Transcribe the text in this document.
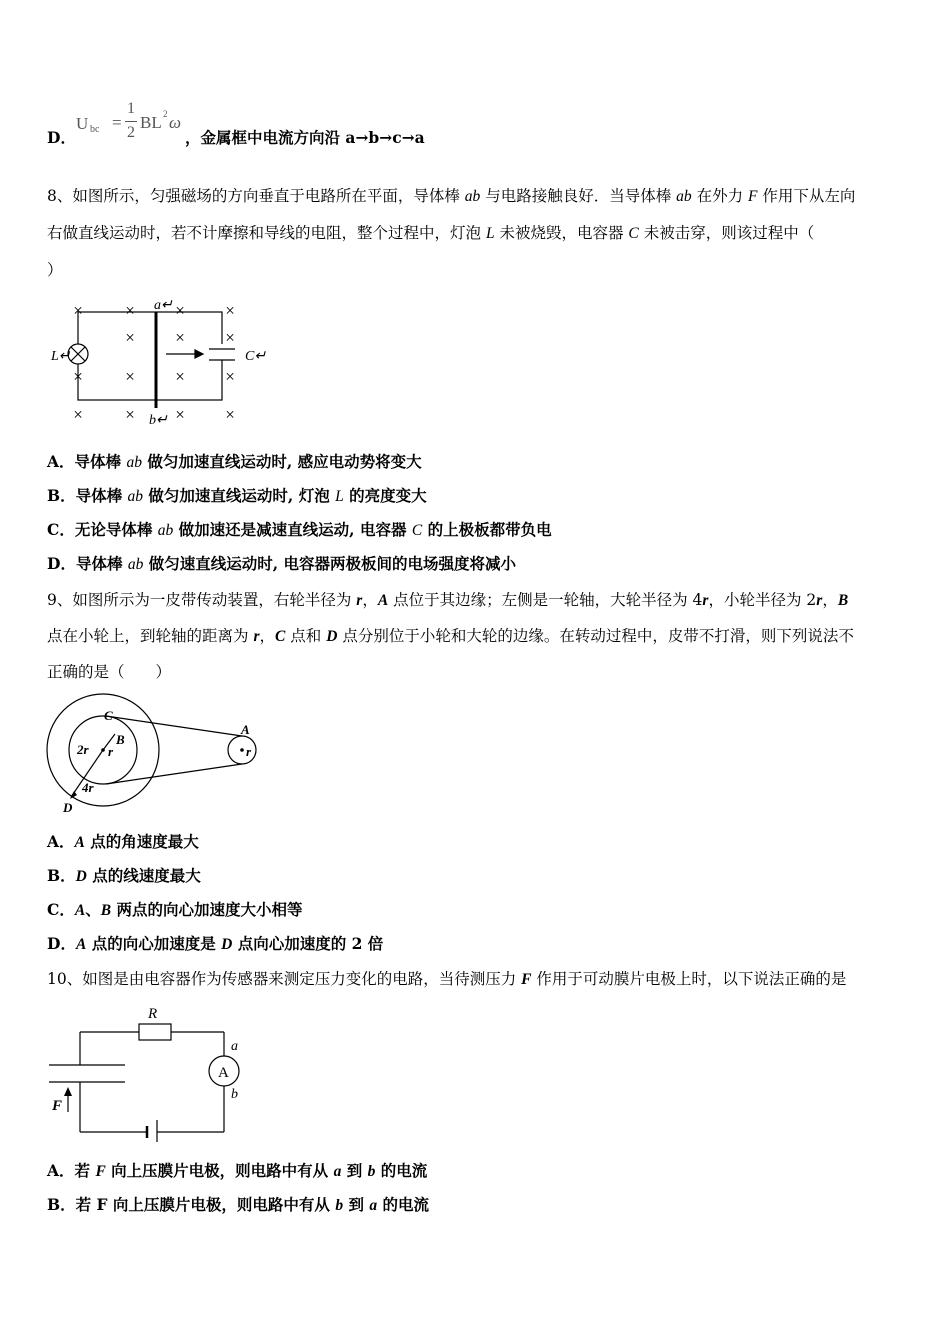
D．
U bc =
1
2
BL 2 ω
，金属框中电流方向沿 a→b→c→a
8、如图所示，匀强磁场的方向垂直于电路所在平面，导体棒 ab 与电路接触良好．当导体棒 ab 在外力 F 作用下从左向
右做直线运动时，若不计摩擦和导线的电阻，整个过程中，灯泡 L 未被烧毁，电容器 C 未被击穿，则该过程中（
）
× × × ×
× × ×
× × × ×
× × × ×
a↵
b↵
L↵	C↵
A．导体棒 ab 做匀加速直线运动时, 感应电动势将变大
B．导体棒 ab 做匀加速直线运动时, 灯泡 L 的亮度变大
C．无论导体棒 ab 做加速还是减速直线运动, 电容器 C 的上极板都带负电
D．导体棒 ab 做匀速直线运动时, 电容器两极板间的电场强度将减小
9、如图所示为一皮带传动装置，右轮半径为 r，A 点位于其边缘；左侧是一轮轴，大轮半径为 4r，小轮半径为 2r，B
点在小轮上，到轮轴的距离为 r，C 点和 D 点分别位于小轮和大轮的边缘。在转动过程中，皮带不打滑，则下列说法不
正确的是（　　）
C
B
2r r
4r
D
A
r
A．A 点的角速度最大
B．D 点的线速度最大
C．A、B 两点的向心加速度大小相等
D．A 点的向心加速度是 D 点向心加速度的 2 倍
10、如图是由电容器作为传感器来测定压力变化的电路，当待测压力 F 作用于可动膜片电极上时，以下说法正确的是
R
A
a
b
F
A．若 F 向上压膜片电极，则电路中有从 a 到 b 的电流
B．若 F 向上压膜片电极，则电路中有从 b 到 a 的电流
